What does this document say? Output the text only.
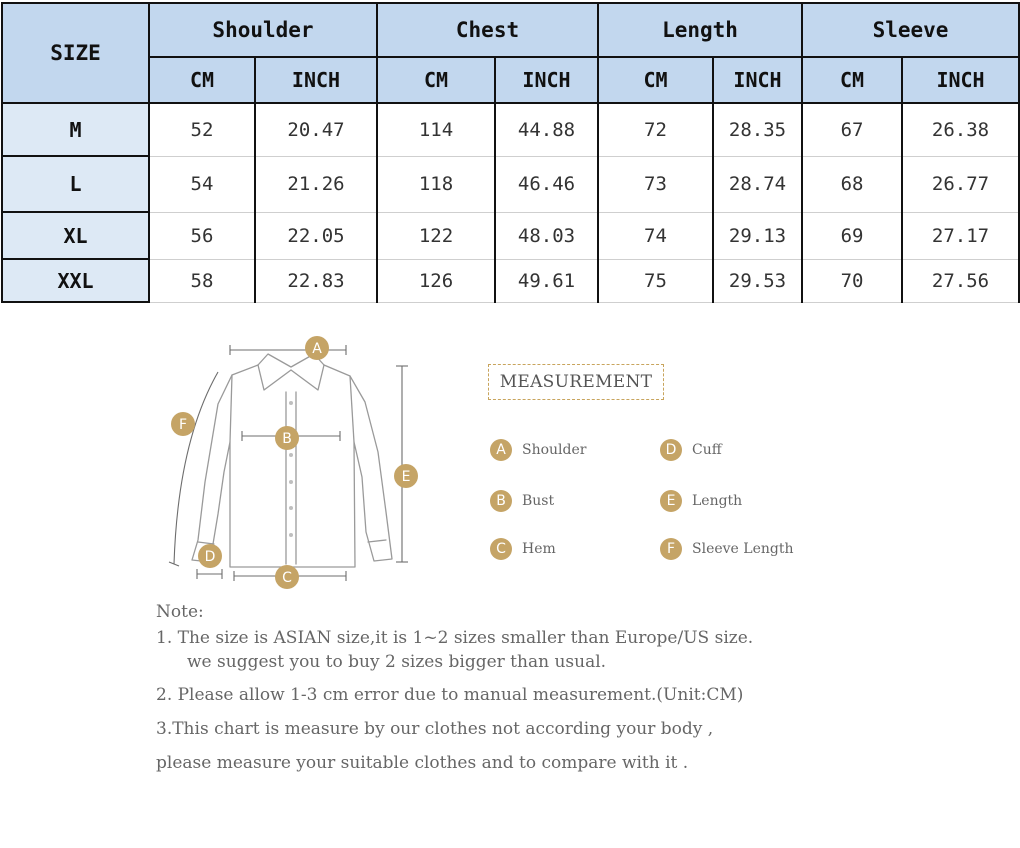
SIZE	Shoulder		Chest		Length		Sleeve	
	CM	INCH	CM	INCH	CM	INCH	CM	INCH
M	52	20.47	114	44.88	72	28.35	67	26.38
L	54	21.26	118	46.46	73	28.74	68	26.77
XL	56	22.05	122	48.03	74	29.13	69	27.17
XXL	58	22.83	126	49.61	75	29.53	70	27.56
A
B
C
D
E
F
MEASUREMENT
A	Shoulder
B	Bust
C	Hem
D	Cuff
E	Length
F	Sleeve Length
Note:
1. The size is ASIAN size,it is 1~2 sizes smaller than Europe/US size.
we suggest you to buy 2 sizes bigger than usual.
2. Please allow 1-3 cm error due to manual measurement.(Unit:CM)
3.This chart is measure by our clothes not according your body ,
please measure your suitable clothes and to compare with it .
